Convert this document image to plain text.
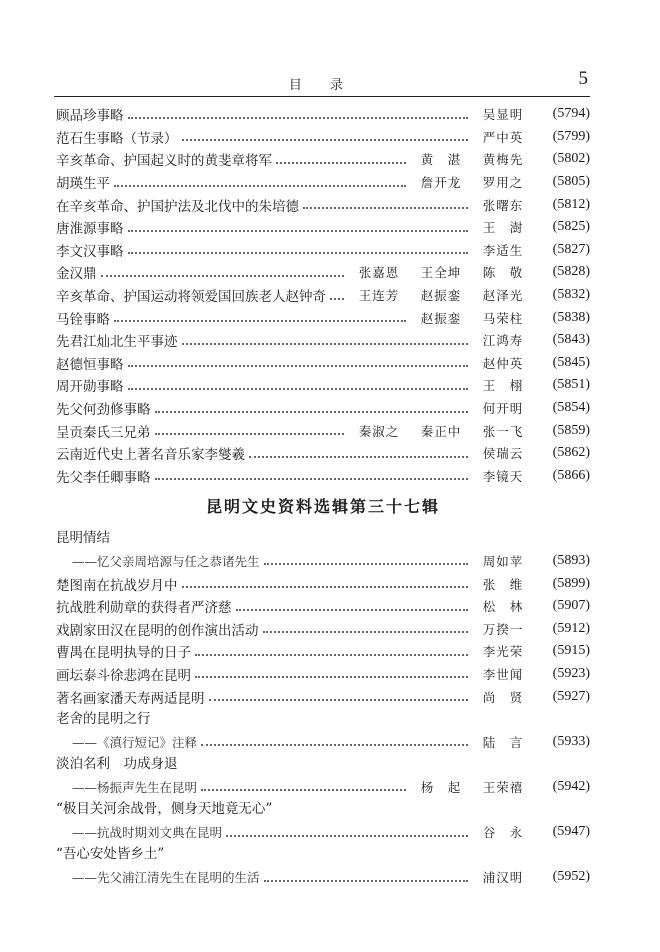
目 录	5
顾品珍事略	吴显明	(5794)
范石生事略（节录）	严中英	(5799)
辛亥革命、护国起义时的黄斐章将军	黄　湛	黄梅先	(5802)
胡瑛生平	詹开龙	罗用之	(5805)
在辛亥革命、护国护法及北伐中的朱培德	张曙东	(5812)
唐淮源事略	王　澍	(5825)
李文汉事略	李适生	(5827)
金汉鼎	张嘉恩	王全坤	陈　敬	(5828)
辛亥革命、护国运动将领爱国回族老人赵钟奇	王连芳	赵振銮	赵泽光	(5832)
马铨事略	赵振銮	马荣柱	(5838)
先君江灿北生平事迹	江鸿寿	(5843)
赵德恒事略	赵仲英	(5845)
周开勋事略	王　栩	(5851)
先父何劲修事略	何开明	(5854)
呈贡秦氏三兄弟	秦淑之	秦正中	张一飞	(5859)
云南近代史上著名音乐家李燮羲	侯瑞云	(5862)
先父李任卿事略	李镜天	(5866)
昆明文史资料选辑第三十七辑
昆明情结
——忆父亲周培源与任之恭诸先生	周如苹	(5893)
楚图南在抗战岁月中	张　维	(5899)
抗战胜利勋章的获得者严济慈	松　林	(5907)
戏剧家田汉在昆明的创作演出活动	万揆一	(5912)
曹禺在昆明执导的日子	李光荣	(5915)
画坛泰斗徐悲鸿在昆明	李世闻	(5923)
著名画家潘天寿两适昆明	尚　贤	(5927)
老舍的昆明之行
——《滇行短记》注释	陆　言	(5933)
淡泊名利　功成身退
——杨振声先生在昆明	杨　起	王荣禧	(5942)
“极目关河余战骨，侧身天地竟无心”
——抗战时期刘文典在昆明	谷　永	(5947)
“吾心安处皆乡土”
——先父浦江清先生在昆明的生活	浦汉明	(5952)
